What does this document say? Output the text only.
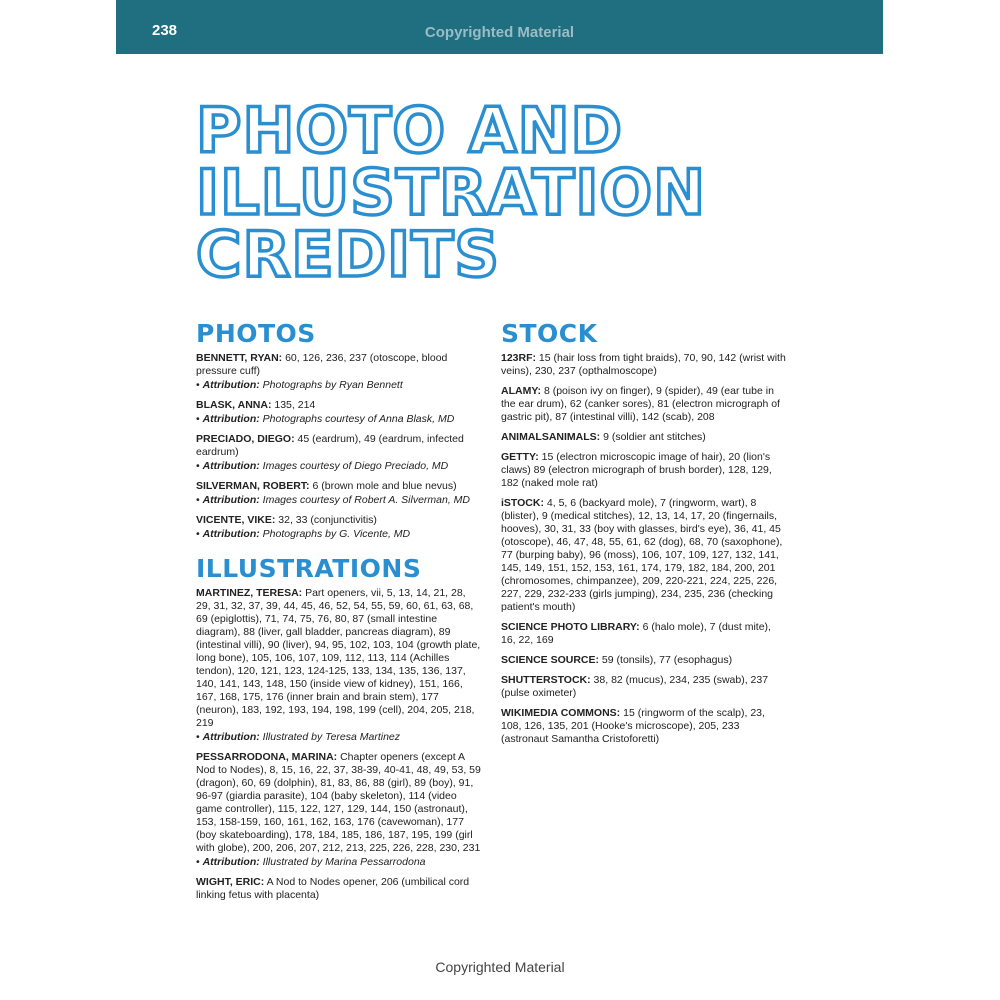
238	Copyrighted Material
PHOTO AND
ILLUSTRATION
CREDITS
PHOTOS
BENNETT, RYAN: 60, 126, 236, 237 (otoscope, blood pressure cuff)
• Attribution: Photographs by Ryan Bennett
BLASK, ANNA: 135, 214
• Attribution: Photographs courtesy of Anna Blask, MD
PRECIADO, DIEGO: 45 (eardrum), 49 (eardrum, infected eardrum)
• Attribution: Images courtesy of Diego Preciado, MD
SILVERMAN, ROBERT: 6 (brown mole and blue nevus)
• Attribution: Images courtesy of Robert A. Silverman, MD
VICENTE, VIKE: 32, 33 (conjunctivitis)
• Attribution: Photographs by G. Vicente, MD
ILLUSTRATIONS
MARTINEZ, TERESA: Part openers, vii, 5, 13, 14, 21, 28, 29, 31, 32, 37, 39, 44, 45, 46, 52, 54, 55, 59, 60, 61, 63, 68, 69 (epiglottis), 71, 74, 75, 76, 80, 87 (small intestine diagram), 88 (liver, gall bladder, pancreas diagram), 89 (intestinal villi), 90 (liver), 94, 95, 102, 103, 104 (growth plate, long bone), 105, 106, 107, 109, 112, 113, 114 (Achilles tendon), 120, 121, 123, 124-125, 133, 134, 135, 136, 137, 140, 141, 143, 148, 150 (inside view of kidney), 151, 166, 167, 168, 175, 176 (inner brain and brain stem), 177 (neuron), 183, 192, 193, 194, 198, 199 (cell), 204, 205, 218, 219
• Attribution: Illustrated by Teresa Martinez
PESSARRODONA, MARINA: Chapter openers (except A Nod to Nodes), 8, 15, 16, 22, 37, 38-39, 40-41, 48, 49, 53, 59 (dragon), 60, 69 (dolphin), 81, 83, 86, 88 (girl), 89 (boy), 91, 96-97 (giardia parasite), 104 (baby skeleton), 114 (video game controller), 115, 122, 127, 129, 144, 150 (astronaut), 153, 158-159, 160, 161, 162, 163, 176 (cavewoman), 177 (boy skateboarding), 178, 184, 185, 186, 187, 195, 199 (girl with globe), 200, 206, 207, 212, 213, 225, 226, 228, 230, 231
• Attribution: Illustrated by Marina Pessarrodona
WIGHT, ERIC: A Nod to Nodes opener, 206 (umbilical cord linking fetus with placenta)
STOCK
123RF: 15 (hair loss from tight braids), 70, 90, 142 (wrist with veins), 230, 237 (opthalmoscope)
ALAMY: 8 (poison ivy on finger), 9 (spider), 49 (ear tube in the ear drum), 62 (canker sores), 81 (electron micrograph of gastric pit), 87 (intestinal villi), 142 (scab), 208
ANIMALSANIMALS: 9 (soldier ant stitches)
GETTY: 15 (electron microscopic image of hair), 20 (lion's claws) 89 (electron micrograph of brush border), 128, 129, 182 (naked mole rat)
iSTOCK: 4, 5, 6 (backyard mole), 7 (ringworm, wart), 8 (blister), 9 (medical stitches), 12, 13, 14, 17, 20 (fingernails, hooves), 30, 31, 33 (boy with glasses, bird's eye), 36, 41, 45 (otoscope), 46, 47, 48, 55, 61, 62 (dog), 68, 70 (saxophone), 77 (burping baby), 96 (moss), 106, 107, 109, 127, 132, 141, 145, 149, 151, 152, 153, 161, 174, 179, 182, 184, 200, 201 (chromosomes, chimpanzee), 209, 220-221, 224, 225, 226, 227, 229, 232-233 (girls jumping), 234, 235, 236 (checking patient's mouth)
SCIENCE PHOTO LIBRARY: 6 (halo mole), 7 (dust mite), 16, 22, 169
SCIENCE SOURCE: 59 (tonsils), 77 (esophagus)
SHUTTERSTOCK: 38, 82 (mucus), 234, 235 (swab), 237 (pulse oximeter)
WIKIMEDIA COMMONS: 15 (ringworm of the scalp), 23, 108, 126, 135, 201 (Hooke's microscope), 205, 233 (astronaut Samantha Cristoforetti)
Copyrighted Material
